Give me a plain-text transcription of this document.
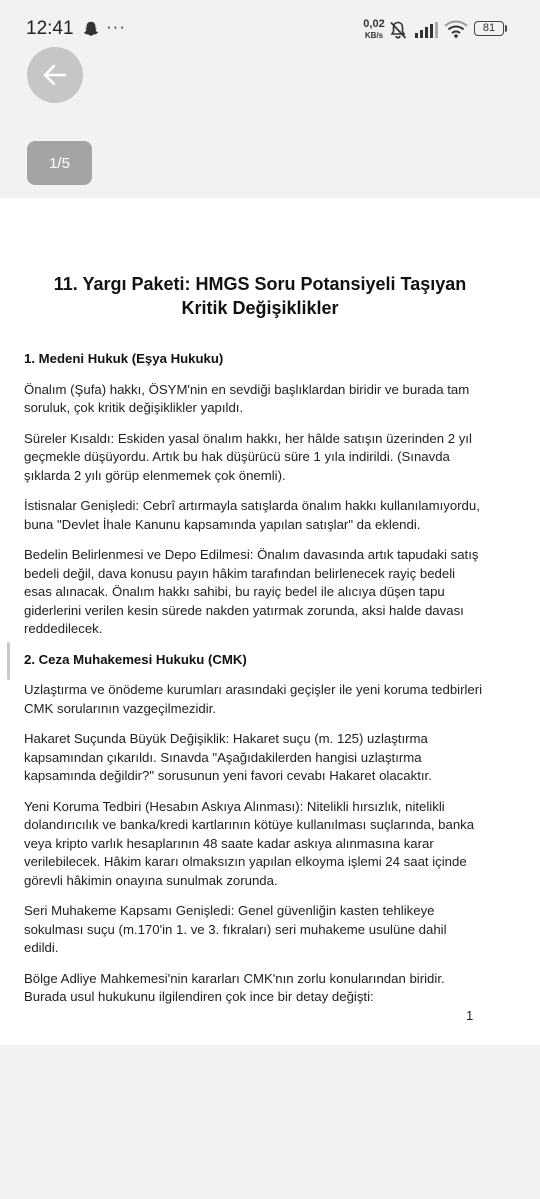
12:41 ···	0,02
KB/s
81
1/5
11. Yargı Paketi: HMGS Soru Potansiyeli Taşıyan Kritik Değişiklikler
1. Medeni Hukuk (Eşya Hukuku)

Önalım (Şufa) hakkı, ÖSYM'nin en sevdiği başlıklardan biridir ve burada tam soruluk, çok kritik değişiklikler yapıldı.

Süreler Kısaldı: Eskiden yasal önalım hakkı, her hâlde satışın üzerinden 2 yıl geçmekle düşüyordu. Artık bu hak düşürücü süre 1 yıla indirildi. (Sınavda şıklarda 2 yılı görüp elenmemek çok önemli).

İstisnalar Genişledi: Cebrî artırmayla satışlarda önalım hakkı kullanılamıyordu, buna "Devlet İhale Kanunu kapsamında yapılan satışlar" da eklendi.

Bedelin Belirlenmesi ve Depo Edilmesi: Önalım davasında artık tapudaki satış bedeli değil, dava konusu payın hâkim tarafından belirlenecek rayiç bedeli esas alınacak. Önalım hakkı sahibi, bu rayiç bedel ile alıcıya düşen tapu giderlerini verilen kesin sürede nakden yatırmak zorunda, aksi halde davası reddedilecek.

2. Ceza Muhakemesi Hukuku (CMK)

Uzlaştırma ve önödeme kurumları arasındaki geçişler ile yeni koruma tedbirleri CMK sorularının vazgeçilmezidir.

Hakaret Suçunda Büyük Değişiklik: Hakaret suçu (m. 125) uzlaştırma kapsamından çıkarıldı. Sınavda "Aşağıdakilerden hangisi uzlaştırma kapsamında değildir?" sorusunun yeni favori cevabı Hakaret olacaktır.

Yeni Koruma Tedbiri (Hesabın Askıya Alınması): Nitelikli hırsızlık, nitelikli dolandırıcılık ve banka/kredi kartlarının kötüye kullanılması suçlarında, banka veya kripto varlık hesaplarının 48 saate kadar askıya alınmasına karar verilebilecek. Hâkim kararı olmaksızın yapılan elkoyma işlemi 24 saat içinde görevli hâkimin onayına sunulmak zorunda.

Seri Muhakeme Kapsamı Genişledi: Genel güvenliğin kasten tehlikeye sokulması suçu (m.170'in 1. ve 3. fıkraları) seri muhakeme usulüne dahil edildi.

Bölge Adliye Mahkemesi'nin kararları CMK'nın zorlu konularından biridir. Burada usul hukukunu ilgilendiren çok ince bir detay değişti:

1
